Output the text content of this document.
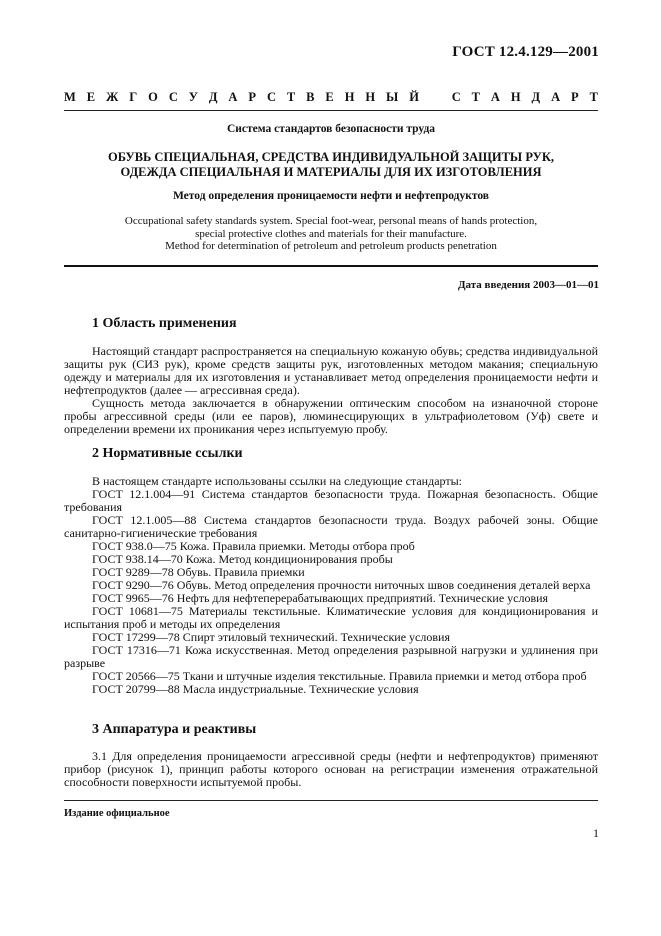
ГОСТ 12.4.129—2001
М Е Ж Г О С У Д А Р С Т В Е Н Н Ы Й	С Т А Н Д А Р Т
Система стандартов безопасности труда
ОБУВЬ СПЕЦИАЛЬНАЯ, СРЕДСТВА ИНДИВИДУАЛЬНОЙ ЗАЩИТЫ РУК,
ОДЕЖДА СПЕЦИАЛЬНАЯ И МАТЕРИАЛЫ ДЛЯ ИХ ИЗГОТОВЛЕНИЯ
Метод определения проницаемости нефти и нефтепродуктов
Occupational safety standards system. Special foot-wear, personal means of hands protection,
special protective clothes and materials for their manufacture.
Method for determination of petroleum and petroleum products penetration
Дата введения 2003—01—01
1 Область применения

Настоящий стандарт распространяется на специальную кожаную обувь; средства индивидуальной защиты рук (СИЗ рук), кроме средств защиты рук, изготовленных методом макания; специальную одежду и материалы для их изготовления и устанавливает метод определения проницаемости нефти и нефтепродуктов (далее — агрессивная среда).

Сущность метода заключается в обнаружении оптическим способом на изнаночной стороне пробы агрессивной среды (или ее паров), люминесцирующих в ультрафиолетовом (Уф) свете и определении времени их проникания через испытуемую пробу.

2 Нормативные ссылки

В настоящем стандарте использованы ссылки на следующие стандарты:

ГОСТ 12.1.004—91 Система стандартов безопасности труда. Пожарная безопасность. Общие требования

ГОСТ 12.1.005—88 Система стандартов безопасности труда. Воздух рабочей зоны. Общие санитарно-гигиенические требования

ГОСТ 938.0—75 Кожа. Правила приемки. Методы отбора проб

ГОСТ 938.14—70 Кожа. Метод кондиционирования пробы

ГОСТ 9289—78 Обувь. Правила приемки

ГОСТ 9290—76 Обувь. Метод определения прочности ниточных швов соединения деталей верха

ГОСТ 9965—76 Нефть для нефтеперерабатывающих предприятий. Технические условия

ГОСТ 10681—75 Материалы текстильные. Климатические условия для кондиционирования и испытания проб и методы их определения

ГОСТ 17299—78 Спирт этиловый технический. Технические условия

ГОСТ 17316—71 Кожа искусственная. Метод определения разрывной нагрузки и удлинения при разрыве

ГОСТ 20566—75 Ткани и штучные изделия текстильные. Правила приемки и метод отбора проб

ГОСТ 20799—88 Масла индустриальные. Технические условия

3 Аппаратура и реактивы

3.1 Для определения проницаемости агрессивной среды (нефти и нефтепродуктов) применяют прибор (рисунок 1), принцип работы которого основан на регистрации изменения отражательной способности поверхности испытуемой пробы.

Издание официальное
1
